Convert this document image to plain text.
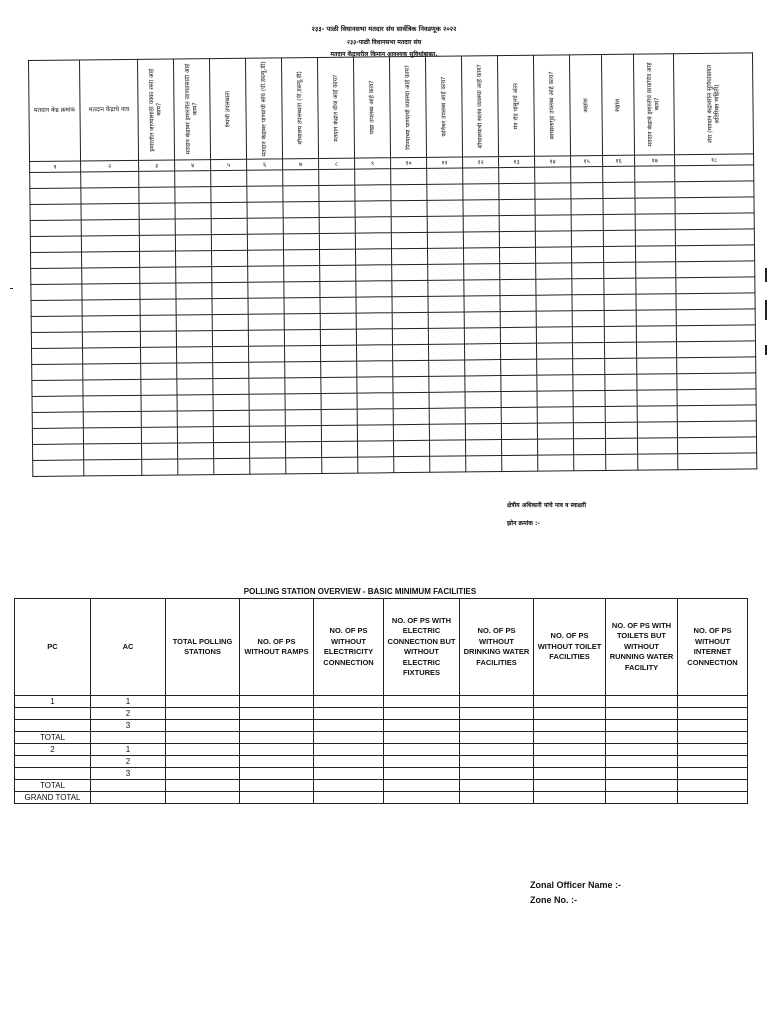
२३३- पाळी विधानसभा मतदार संघ सार्वत्रिक निवडणूक २०२२
२३३-पाळी विधानसभा मतदार संघ
मतदान केंद्रावरील किमान आवश्यक सुविधांबाबत.
मतदान केंद्र क्रमांक	मतदान केंद्राचे नाव	इमारतीत जाण्यासाठी पक्का रस्ता आहे काय?	मतदान केंद्रावर इमारतीत जाण्यासाठी आहे काय?	रॅम्पची उपलब्धता	मतदान केंद्रावर पाण्याची सोय (पी.डब्ल्यू.डी)	शौचालय उपलब्धता (पी.डब्ल्यू.डी)	मतदान केंद्रात वीज आहे काय?	पंखा उपलब्ध आहे काय?	पिण्याच्या पाण्याची व्यवस्था आहे काय?	फर्निचर उपलब्ध आहे काय?	शौचालयाची स्वतंत्र व्यवस्था आहे काय?	मेन रोड पासूनचे अंतर	स्वच्छतागृह उपलब्ध आहे काय?	अक्षांश	रेखांश	मतदान केंद्राचे इमारतीचे छायाचित्र आहे काय?	शेरा (मतदान केंद्रावरील सुविधांबाबत अतिरिक्त माहिती)

१	२	३	४	५	६	७	८	९	१०	११	१२	१३	१४	१५	१६	१७	१८

क्षेत्रीय अधिकारी यांचे नाव व स्वाक्षरी
झोन क्रमांक :-
POLLING STATION OVERVIEW - BASIC MINIMUM FACILITIES
PC	AC	TOTAL POLLING STATIONS	NO. OF PS WITHOUT RAMPS	NO. OF PS WITHOUT ELECTRICITY CONNECTION	NO. OF PS WITH ELECTRIC CONNECTION BUT WITHOUT ELECTRIC FIXTURES	NO. OF PS WITHOUT DRINKING WATER FACILITIES	NO. OF PS WITHOUT TOILET FACILITIES	NO. OF PS WITH TOILETS BUT WITHOUT RUNNING WATER FACILITY	NO. OF PS WITHOUT INTERNET CONNECTION
1	1								
	2								
	3								
TOTAL									
2	1								
	2								
	3								
TOTAL									
GRAND TOTAL									
Zonal Officer Name :-
Zone No. :-
